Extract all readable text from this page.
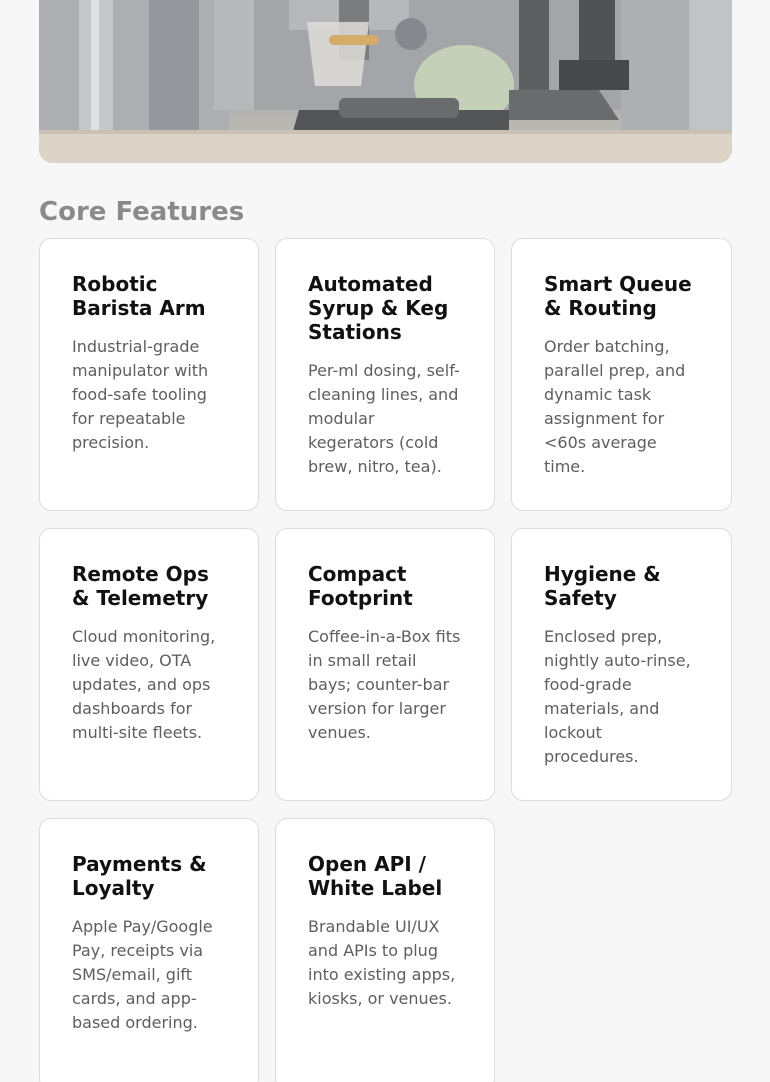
Core Features
Robotic Barista Arm

Industrial-grade manipulator with food-safe tooling for repeatable precision.

Automated Syrup & Keg Stations

Per-ml dosing, self-cleaning lines, and modular kegerators (cold brew, nitro, tea).

Smart Queue & Routing

Order batching, parallel prep, and dynamic task assignment for <60s average time.

Remote Ops & Telemetry

Cloud monitoring, live video, OTA updates, and ops dashboards for multi-site fleets.

Compact Footprint

Coffee-in-a-Box fits in small retail bays; counter-bar version for larger venues.

Hygiene & Safety

Enclosed prep, nightly auto-rinse, food-grade materials, and lockout procedures.

Payments & Loyalty

Apple Pay/Google Pay, receipts via SMS/email, gift cards, and app-based ordering.

Open API / White Label

Brandable UI/UX and APIs to plug into existing apps, kiosks, or venues.
